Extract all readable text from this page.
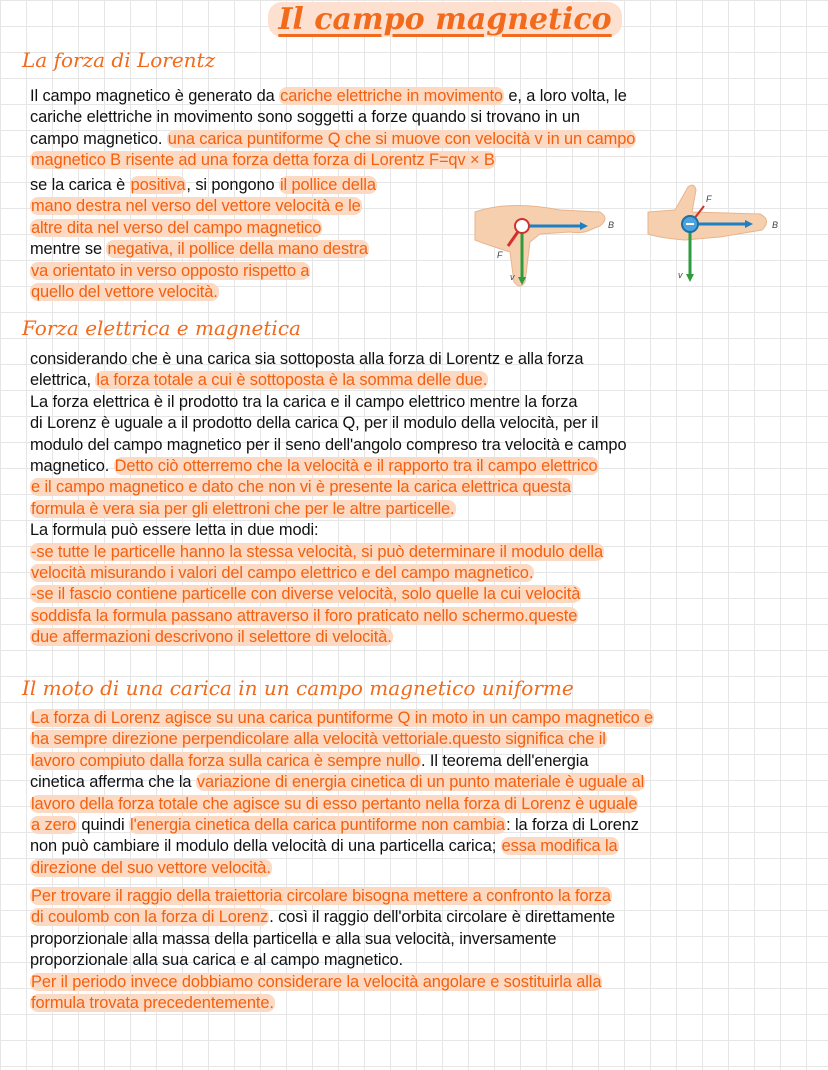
Il campo magnetico
La forza di Lorentz
Il campo magnetico è generato da cariche elettriche in movimento e, a loro volta, le
cariche elettriche in movimento sono soggetti a forze quando si trovano in un
campo magnetico. una carica puntiforme Q che si muove con velocità v in un campo
magnetico B risente ad una forza detta forza di Lorentz F=qv × B
se la carica è positiva, si pongono il pollice della
mano destra nel verso del vettore velocità e le
altre dita nel verso del campo magnetico
mentre se negativa, il pollice della mano destra
va orientato in verso opposto rispetto a
quello del vettore velocità.
F
B
v
F
B
v
Forza elettrica e magnetica
considerando che è una carica sia sottoposta alla forza di Lorentz e alla forza
elettrica, la forza totale a cui è sottoposta è la somma delle due.
La forza elettrica è il prodotto tra la carica e il campo elettrico mentre la forza
di Lorenz è uguale a il prodotto della carica Q, per il modulo della velocità, per il
modulo del campo magnetico per il seno dell'angolo compreso tra velocità e campo
magnetico. Detto ciò otterremo che la velocità e il rapporto tra il campo elettrico
e il campo magnetico e dato che non vi è presente la carica elettrica questa
formula è vera sia per gli elettroni che per le altre particelle.
La formula può essere letta in due modi:
-se tutte le particelle hanno la stessa velocità, si può determinare il modulo della
velocità misurando i valori del campo elettrico e del campo magnetico.
-se il fascio contiene particelle con diverse velocità, solo quelle la cui velocità
soddisfa la formula passano attraverso il foro praticato nello schermo.queste
due affermazioni descrivono il selettore di velocità.
Il moto di una carica in un campo magnetico uniforme
La forza di Lorenz agisce su una carica puntiforme Q in moto in un campo magnetico e
ha sempre direzione perpendicolare alla velocità vettoriale.questo significa che il
lavoro compiuto dalla forza sulla carica è sempre nullo. Il teorema dell'energia
cinetica afferma che la variazione di energia cinetica di un punto materiale è uguale al
lavoro della forza totale che agisce su di esso pertanto nella forza di Lorenz è uguale
a zero quindi l'energia cinetica della carica puntiforme non cambia: la forza di Lorenz
non può cambiare il modulo della velocità di una particella carica; essa modifica la
direzione del suo vettore velocità.
Per trovare il raggio della traiettoria circolare bisogna mettere a confronto la forza
di coulomb con la forza di Lorenz. così il raggio dell'orbita circolare è direttamente
proporzionale alla massa della particella e alla sua velocità, inversamente
proporzionale alla sua carica e al campo magnetico.
Per il periodo invece dobbiamo considerare la velocità angolare e sostituirla alla
formula trovata precedentemente.
